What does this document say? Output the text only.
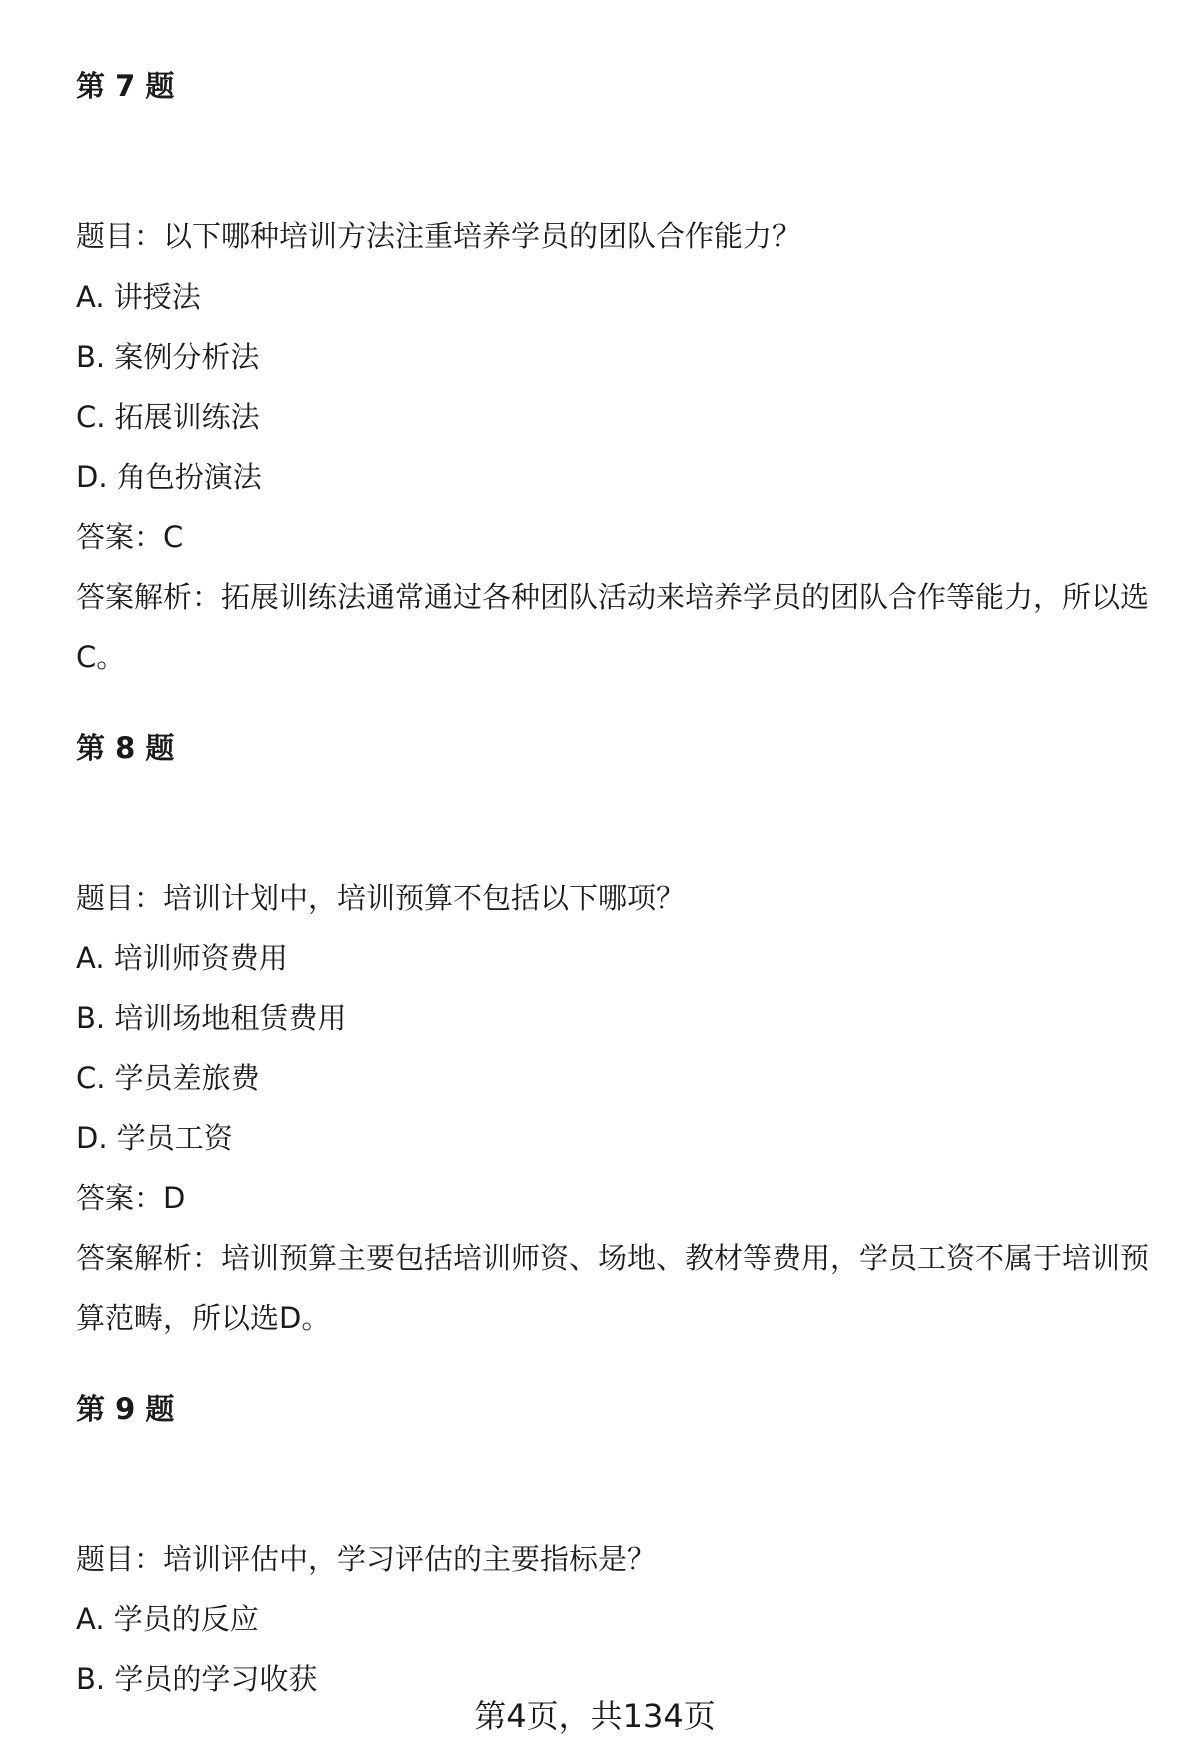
第 7 题

题目：以下哪种培训方法注重培养学员的团队合作能力？

A. 讲授法

B. 案例分析法

C. 拓展训练法

D. 角色扮演法

答案：C

答案解析：拓展训练法通常通过各种团队活动来培养学员的团队合作等能力，所以选C。

第 8 题

题目：培训计划中，培训预算不包括以下哪项？

A. 培训师资费用

B. 培训场地租赁费用

C. 学员差旅费

D. 学员工资

答案：D

答案解析：培训预算主要包括培训师资、场地、教材等费用，学员工资不属于培训预算范畴，所以选D。

第 9 题

题目：培训评估中，学习评估的主要指标是？

A. 学员的反应

B. 学员的学习收获

第4页，共134页
